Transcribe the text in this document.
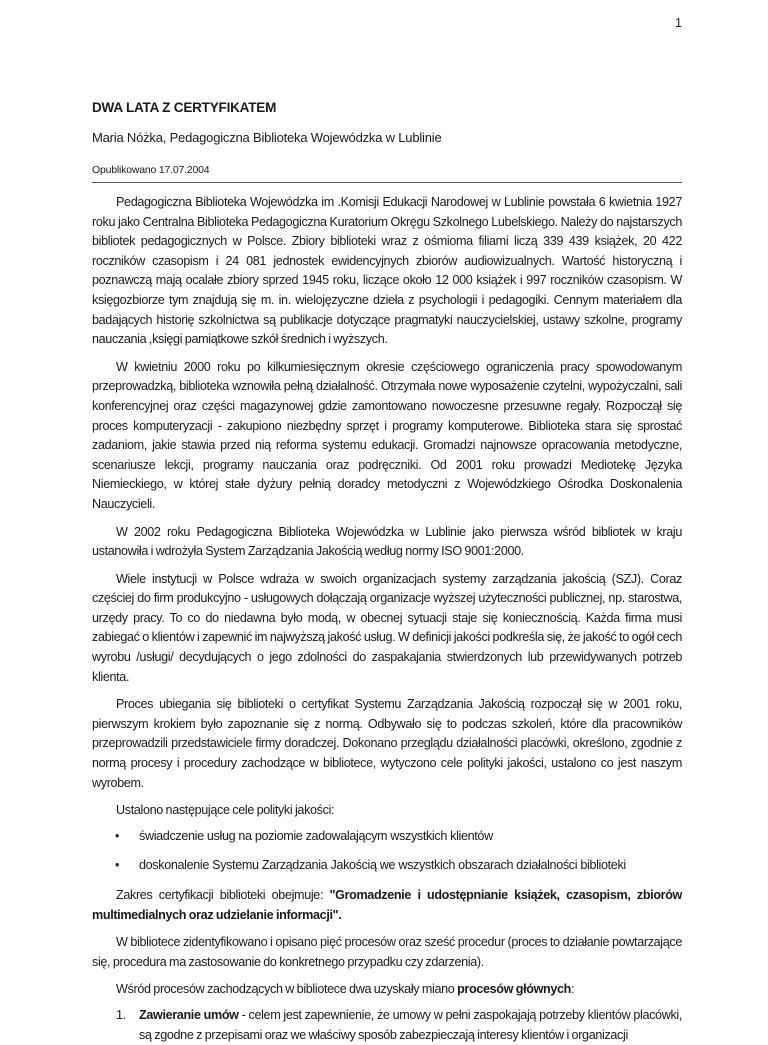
1
DWA LATA Z CERTYFIKATEM
Maria Nóżka, Pedagogiczna Biblioteka Wojewódzka w Lublinie
Opublikowano 17.07.2004

Pedagogiczna Biblioteka Wojewódzka im .Komisji Edukacji Narodowej w Lublinie powstała 6 kwietnia 1927 roku jako Centralna Biblioteka Pedagogiczna Kuratorium Okręgu Szkolnego Lubelskiego. Należy do najstarszych bibliotek pedagogicznych w Polsce. Zbiory biblioteki wraz z ośmioma filiami liczą 339 439 książek, 20 422 roczników czasopism i 24 081 jednostek ewidencyjnych zbiorów audiowizualnych. Wartość historyczną i poznawczą mają ocalałe zbiory sprzed 1945 roku, liczące około 12 000 książek i 997 roczników czasopism. W księgozbiorze tym znajdują się m. in. wielojęzyczne dzieła z psychologii i pedagogiki. Cennym materiałem dla badających historię szkolnictwa są publikacje dotyczące pragmatyki nauczycielskiej, ustawy szkolne, programy nauczania ,księgi pamiątkowe szkół średnich i wyższych.

W kwietniu 2000 roku po kilkumiesięcznym okresie częściowego ograniczenia pracy spowodowanym przeprowadzką, biblioteka wznowiła pełną działalność. Otrzymała nowe wyposażenie czytelni, wypożyczalni, sali konferencyjnej oraz części magazynowej gdzie zamontowano nowoczesne przesuwne regały. Rozpoczął się proces komputeryzacji - zakupiono niezbędny sprzęt i programy komputerowe. Biblioteka stara się sprostać zadaniom, jakie stawia przed nią reforma systemu edukacji. Gromadzi najnowsze opracowania metodyczne, scenariusze lekcji, programy nauczania oraz podręczniki. Od 2001 roku prowadzi Mediotekę Języka Niemieckiego, w której stałe dyżury pełnią doradcy metodyczni z Wojewódzkiego Ośrodka Doskonalenia Nauczycieli.

W 2002 roku Pedagogiczna Biblioteka Wojewódzka w Lublinie jako pierwsza wśród bibliotek w kraju ustanowiła i wdrożyła System Zarządzania Jakością według normy ISO 9001:2000.

Wiele instytucji w Polsce wdraża w swoich organizacjach systemy zarządzania jakością (SZJ). Coraz częściej do firm produkcyjno - usługowych dołączają organizacje wyższej użyteczności publicznej, np. starostwa, urzędy pracy. To co do niedawna było modą, w obecnej sytuacji staje się koniecznością. Każda firma musi zabiegać o klientów i zapewnić im najwyższą jakość usług. W definicji jakości podkreśla się, że jakość to ogół cech wyrobu /usługi/ decydujących o jego zdolności do zaspakajania stwierdzonych lub przewidywanych potrzeb klienta.

Proces ubiegania się biblioteki o certyfikat Systemu Zarządzania Jakością rozpoczął się w 2001 roku, pierwszym krokiem było zapoznanie się z normą. Odbywało się to podczas szkoleń, które dla pracowników przeprowadzili przedstawiciele firmy doradczej. Dokonano przeglądu działalności placówki, określono, zgodnie z normą procesy i procedury zachodzące w bibliotece, wytyczono cele polityki jakości, ustalono co jest naszym wyrobem.

Ustalono następujące cele polityki jakości:

• świadczenie usług na poziomie zadowalającym wszystkich klientów
• doskonalenie Systemu Zarządzania Jakością we wszystkich obszarach działalności biblioteki

Zakres certyfikacji biblioteki obejmuje: "Gromadzenie i udostępnianie książek, czasopism, zbiorów multimedialnych oraz udzielanie informacji".

W bibliotece zidentyfikowano i opisano pięć procesów oraz sześć procedur (proces to działanie powtarzające się, procedura ma zastosowanie do konkretnego przypadku czy zdarzenia).

Wśród procesów zachodzących w bibliotece dwa uzyskały miano procesów głównych:

1. Zawieranie umów - celem jest zapewnienie, że umowy w pełni zaspokajają potrzeby klientów placówki, są zgodne z przepisami oraz we właściwy sposób zabezpieczają interesy klientów i organizacji
